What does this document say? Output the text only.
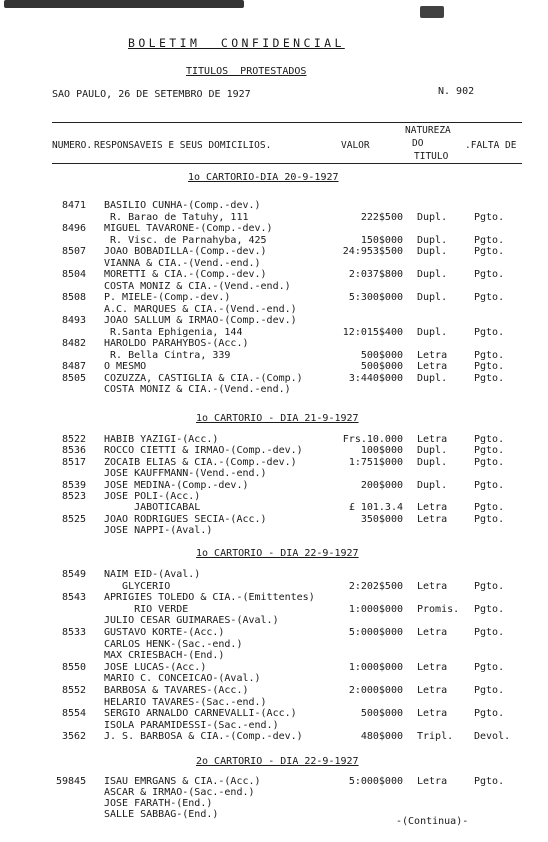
BOLETIM  CONFIDENCIAL
TITULOS  PROTESTADOS
SAO PAULO, 26 DE SETEMBRO DE 1927	N. 902
NUMERO. RESPONSAVEIS E SEUS DOMICILIOS.	VALOR
NATUREZA
DO
TITULO
.FALTA DE
1o CARTORIO-DIA 20-9-1927
8471 BASILIO CUNHA-(Comp.-dev.)
R. Barao de Tatuhy, 111	222$500 Dupl.	Pgto.
8496 MIGUEL TAVARONE-(Comp.-dev.)
R. Visc. de Parnahyba, 425	150$000 Dupl.	Pgto.
8507 JOAO BOBADILLA-(Comp.-dev.)	24:953$500 Dupl.	Pgto.
VIANNA & CIA.-(Vend.-end.)
8504 MORETTI & CIA.-(Comp.-dev.)	2:037$800 Dupl.	Pgto.
COSTA MONIZ & CIA.-(Vend.-end.)
8508 P. MIELE-(Comp.-dev.)	5:300$000 Dupl.	Pgto.
A.C. MARQUES & CIA.-(Vend.-end.)
8493 JOAO SALLUM & IRMAO-(Comp.-dev.)
R.Santa Ephigenia, 144	12:015$400 Dupl.	Pgto.
8482 HAROLDO PARAHYBOS-(Acc.)
R. Bella Cintra, 339	500$000 Letra	Pgto.
8487 O MESMO	500$000 Letra	Pgto.
8505 COZUZZA, CASTIGLIA & CIA.-(Comp.)	3:440$000 Dupl.	Pgto.
COSTA MONIZ & CIA.-(Vend.-end.)
1o CARTORIO - DIA 21-9-1927
8522 HABIB YAZIGI-(Acc.)	Frs.10.000 Letra	Pgto.
8536 ROCCO CIETTI & IRMAO-(Comp.-dev.)	100$000 Dupl.	Pgto.
8517 ZOCAIB ELIAS & CIA.-(Comp.-dev.)	1:751$000 Dupl.	Pgto.
JOSE KAUFFMANN-(Vend.-end.)
8539 JOSE MEDINA-(Comp.-dev.)	200$000 Dupl.	Pgto.
8523 JOSE POLI-(Acc.)
JABOTICABAL	£ 101.3.4 Letra	Pgto.
8525 JOAO RODRIGUES SECIA-(Acc.)	350$000 Letra	Pgto.
JOSE NAPPI-(Aval.)
1o CARTORIO - DIA 22-9-1927
8549 NAIM EID-(Aval.)
GLYCERIO	2:202$500 Letra	Pgto.
8543 APRIGIES TOLEDO & CIA.-(Emittentes)
RIO VERDE	1:000$000 Promis. Pgto.
JULIO CESAR GUIMARAES-(Aval.)
8533 GUSTAVO KORTE-(Acc.)	5:000$000 Letra	Pgto.
CARLOS HENK-(Sac.-end.)
MAX CRIESBACH-(End.)
8550 JOSE LUCAS-(Acc.)	1:000$000 Letra	Pgto.
MARIO C. CONCEICAO-(Aval.)
8552 BARBOSA & TAVARES-(Acc.)	2:000$000 Letra	Pgto.
HELARIO TAVARES-(Sac.-end.)
8554 SERGIO ARNALDO CARNEVALLI-(Acc.)	500$000 Letra	Pgto.
ISOLA PARAMIDESSI-(Sac.-end.)
3562 J. S. BARBOSA & CIA.-(Comp.-dev.)	480$000 Tripl. Devol.
2o CARTORIO - DIA 22-9-1927
59845 ISAU EMRGANS & CIA.-(Acc.)	5:000$000 Letra	Pgto.
ASCAR & IRMAO-(Sac.-end.)
JOSE FARATH-(End.)
SALLE SABBAG-(End.)
-(Continua)-
